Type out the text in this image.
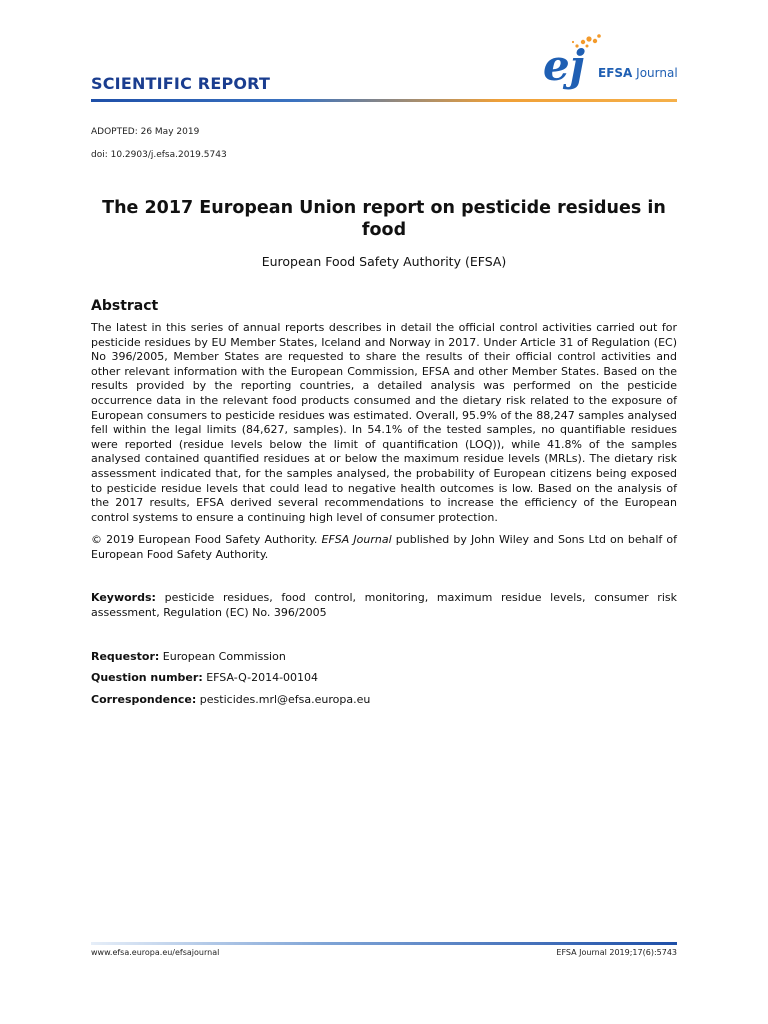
SCIENTIFIC REPORT	ej EFSA Journal
ADOPTED: 26 May 2019
doi: 10.2903/j.efsa.2019.5743
The 2017 European Union report on pesticide residues in food
European Food Safety Authority (EFSA)
Abstract

The latest in this series of annual reports describes in detail the official control activities carried out for pesticide residues by EU Member States, Iceland and Norway in 2017. Under Article 31 of Regulation (EC) No 396/2005, Member States are requested to share the results of their official control activities and other relevant information with the European Commission, EFSA and other Member States. Based on the results provided by the reporting countries, a detailed analysis was performed on the pesticide occurrence data in the relevant food products consumed and the dietary risk related to the exposure of European consumers to pesticide residues was estimated. Overall, 95.9% of the 88,247 samples analysed fell within the legal limits (84,627, samples). In 54.1% of the tested samples, no quantifiable residues were reported (residue levels below the limit of quantification (LOQ)), while 41.8% of the samples analysed contained quantified residues at or below the maximum residue levels (MRLs). The dietary risk assessment indicated that, for the samples analysed, the probability of European citizens being exposed to pesticide residue levels that could lead to negative health outcomes is low. Based on the analysis of the 2017 results, EFSA derived several recommendations to increase the efficiency of the European control systems to ensure a continuing high level of consumer protection.

© 2019 European Food Safety Authority. EFSA Journal published by John Wiley and Sons Ltd on behalf of European Food Safety Authority.
Keywords: pesticide residues, food control, monitoring, maximum residue levels, consumer risk assessment, Regulation (EC) No. 396/2005
Requestor: European Commission
Question number: EFSA-Q-2014-00104
Correspondence: pesticides.mrl@efsa.europa.eu
www.efsa.europa.eu/efsajournal	EFSA Journal 2019;17(6):5743
